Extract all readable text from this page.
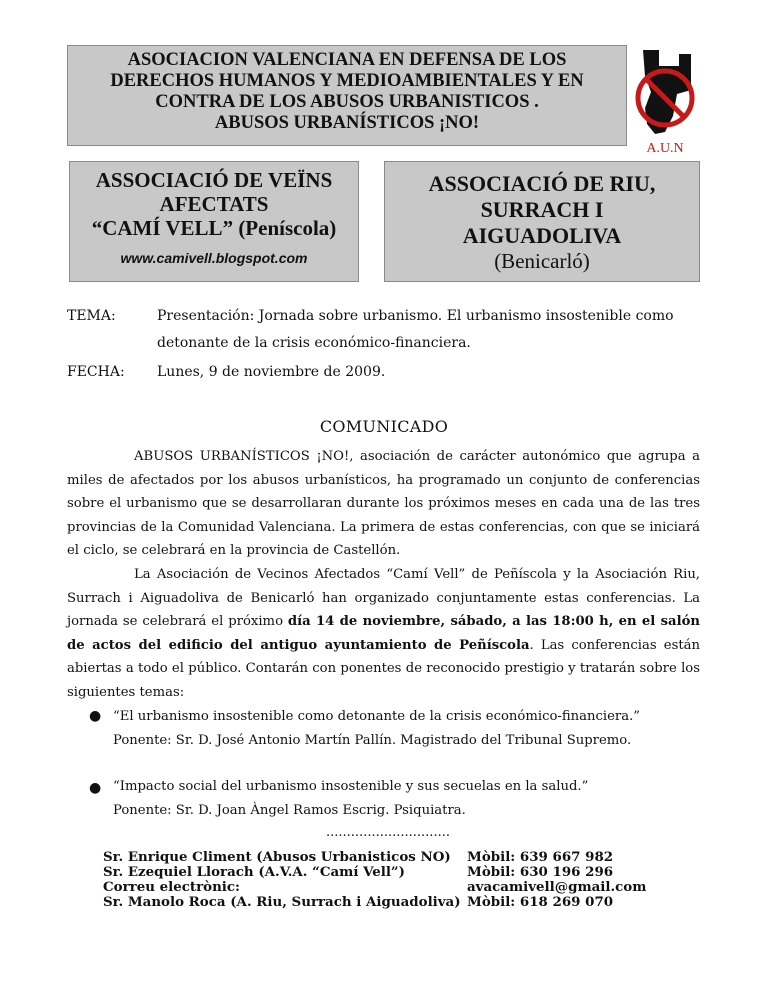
ASOCIACION VALENCIANA EN DEFENSA DE LOS
DERECHOS HUMANOS Y MEDIOAMBIENTALES Y EN
CONTRA DE LOS ABUSOS URBANISTICOS .
ABUSOS URBANÍSTICOS ¡NO!
A.U.N
ASSOCIACIÓ DE VEÏNS
AFECTATS
“CAMÍ VELL” (Peníscola)
www.camivell.blogspot.com
ASSOCIACIÓ DE RIU,
SURRACH I
AIGUADOLIVA
(Benicarló)
TEMA:	Presentación: Jornada sobre urbanismo. El urbanismo insostenible como
detonante de la crisis económico-financiera.
FECHA: Lunes, 9 de noviembre de 2009.
COMUNICADO
ABUSOS URBANÍSTICOS ¡NO!, asociación de carácter autonómico que agrupa a miles de afectados por los abusos urbanísticos, ha programado un conjunto de conferencias sobre el urbanismo que se desarrollaran durante los próximos meses en cada una de las tres provincias de la Comunidad Valenciana. La primera de estas conferencias, con que se iniciará el ciclo, se celebrará en la provincia de Castellón.
La Asociación de Vecinos Afectados “Camí Vell” de Peñíscola y la Asociación Riu, Surrach i Aiguadoliva de Benicarló han organizado conjuntamente estas conferencias. La jornada se celebrará el próximo día 14 de noviembre, sábado, a las 18:00 h, en el salón de actos del edificio del antiguo ayuntamiento de Peñíscola. Las conferencias están abiertas a todo el público. Contarán con ponentes de reconocido prestigio y tratarán sobre los siguientes temas:
● “El urbanismo insostenible como detonante de la crisis económico-financiera.”
Ponente: Sr. D. José Antonio Martín Pallín. Magistrado del Tribunal Supremo.
● “Impacto social del urbanismo insostenible y sus secuelas en la salud.”
Ponente: Sr. D. Joan Àngel Ramos Escrig. Psiquiatra.
..............................
Sr. Enrique Climent (Abusos Urbanisticos NO)
Sr. Ezequiel Llorach (A.V.A. “Camí Vell”)
Correu electrònic:
Sr. Manolo Roca (A. Riu, Surrach i Aiguadoliva)
Mòbil: 639 667 982
Mòbil: 630 196 296
avacamivell@gmail.com
Mòbil: 618 269 070
